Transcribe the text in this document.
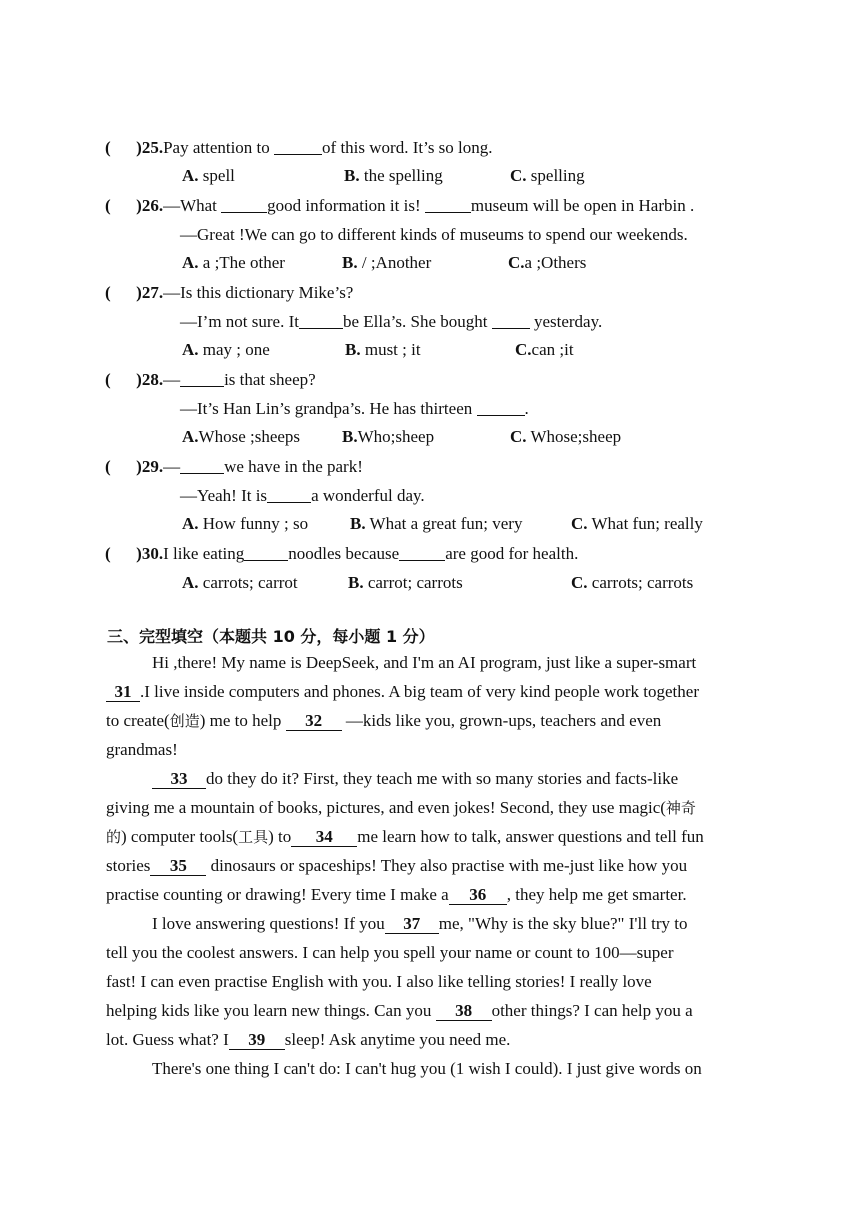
(      )25.Pay attention to	of this word. It’s so long.
A. spell	B. the spelling	C. spelling
(      )26.—What	good information it is!	museum will be open in Harbin .
—Great !We can go to different kinds of museums to spend our weekends.
A. a ;The other	B. / ;Another	C.a ;Others
(      )27.—Is this dictionary Mike’s?
—I’m not sure. It	be Ella’s. She bought  yesterday.
A. may ; one	B. must ; it	C.can ;it
(      )28.—	is that sheep?
—It’s Han Lin’s grandpa’s. He has thirteen	.
A.Whose ;sheeps B.Who;sheep	C. Whose;sheep
(      )29.—	we have in the park!
—Yeah! It is	a wonderful day.
A. How funny ; so B. What a great fun; very	C. What fun; really
(      )30.I like eating	noodles because	are good for health.
A. carrots; carrot	B. carrot; carrots	C. carrots; carrots
三、完型填空（本题共 10 分，每小题 1 分）
Hi ,there! My name is DeepSeek, and I'm an AI program, just like a super-smart
31 .I live inside computers and phones. A big team of very kind people work together
to create(创造) me to help 32 —kids like you, grown-ups, teachers and even
grandmas!
33 do they do it? First, they teach me with so many stories and facts-like
giving me a mountain of books, pictures, and even jokes! Second, they use magic(神奇
的) computer tools(工具) to 34 me learn how to talk, answer questions and tell fun
stories 35 dinosaurs or spaceships! They also practise with me-just like how you
practise counting or drawing! Every time I make a 36 , they help me get smarter.
I love answering questions! If you 37 me, "Why is the sky blue?" I'll try to
tell you the coolest answers. I can help you spell your name or count to 100—super
fast! I can even practise English with you. I also like telling stories! I really love
helping kids like you learn new things. Can you 38 other things? I can help you a
lot. Guess what? I 39 sleep! Ask anytime you need me.
There's one thing I can't do: I can't hug you (1 wish I could). I just give words on
